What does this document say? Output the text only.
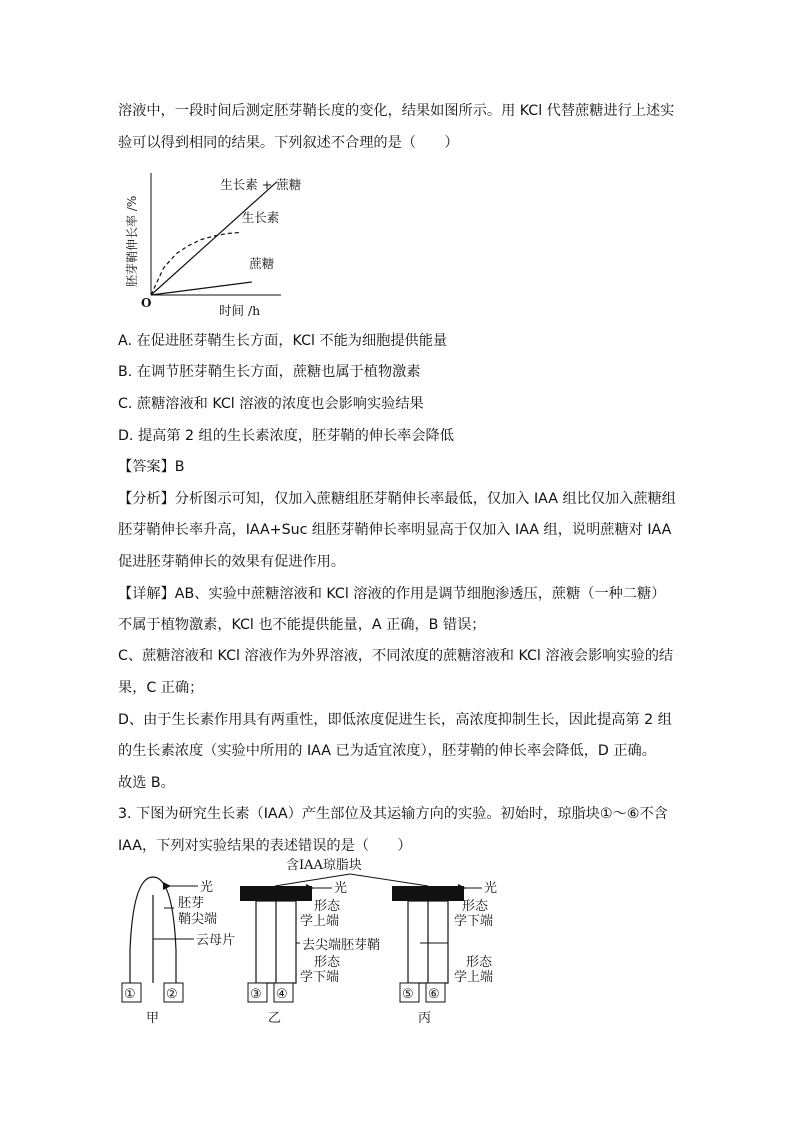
溶液中，一段时间后测定胚芽鞘长度的变化，结果如图所示。用 KCl 代替蔗糖进行上述实
验可以得到相同的结果。下列叙述不合理的是（　　）
O	时间 /h
胚芽鞘伸长率 /%
生长素 + 蔗糖
生长素
蔗糖
A. 在促进胚芽鞘生长方面，KCl 不能为细胞提供能量
B. 在调节胚芽鞘生长方面，蔗糖也属于植物激素
C. 蔗糖溶液和 KCl 溶液的浓度也会影响实验结果
D. 提高第 2 组的生长素浓度，胚芽鞘的伸长率会降低
【答案】B
【分析】分析图示可知，仅加入蔗糖组胚芽鞘伸长率最低，仅加入 IAA 组比仅加入蔗糖组
胚芽鞘伸长率升高，IAA+Suc 组胚芽鞘伸长率明显高于仅加入 IAA 组，说明蔗糖对 IAA
促进胚芽鞘伸长的效果有促进作用。
【详解】AB、实验中蔗糖溶液和 KCl 溶液的作用是调节细胞渗透压，蔗糖（一种二糖）
不属于植物激素，KCl 也不能提供能量，A 正确，B 错误；
C、蔗糖溶液和 KCl 溶液作为外界溶液，不同浓度的蔗糖溶液和 KCl 溶液会影响实验的结
果，C 正确；
D、由于生长素作用具有两重性，即低浓度促进生长，高浓度抑制生长，因此提高第 2 组
的生长素浓度（实验中所用的 IAA 已为适宜浓度），胚芽鞘的伸长率会降低，D 正确。
故选 B。
3. 下图为研究生长素（IAA）产生部位及其运输方向的实验。初始时，琼脂块①～⑥不含
IAA，下列对实验结果的表述错误的是（　　）
含IAA琼脂块
光
胚芽
鞘尖端
云母片
① ②
甲
光
形态
学上端
去尖端胚芽鞘
形态
学下端
③ ④
乙
光
形态
学下端
形态
学上端
⑤ ⑥
丙
